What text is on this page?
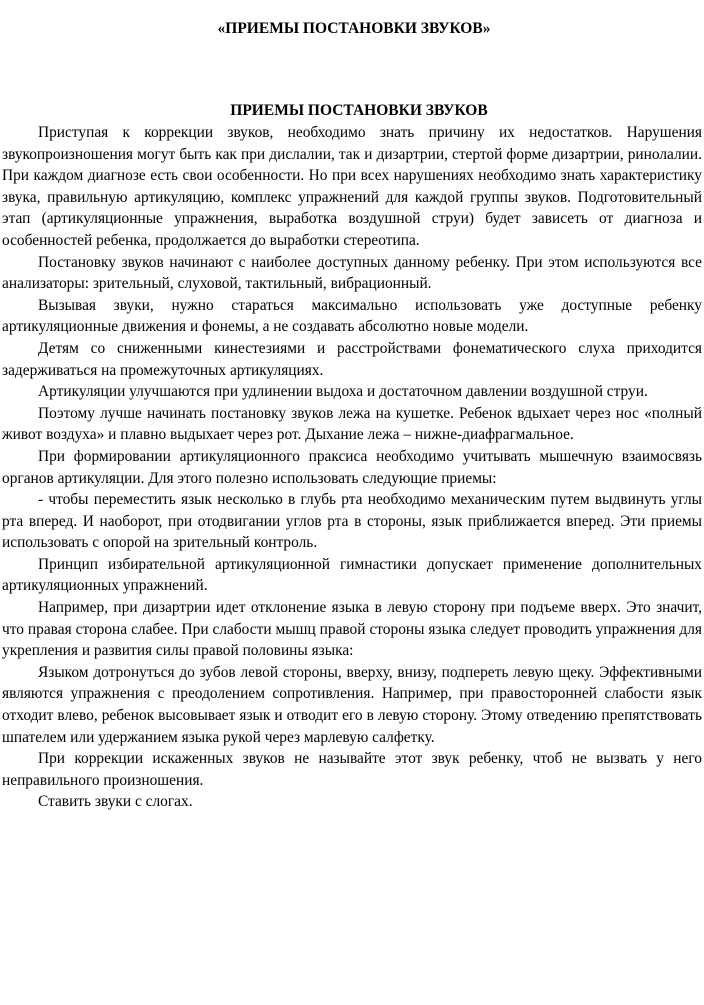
«ПРИЕМЫ ПОСТАНОВКИ ЗВУКОВ»
ПРИЕМЫ ПОСТАНОВКИ ЗВУКОВ

Приступая к коррекции звуков, необходимо знать причину их недостатков. Нарушения звукопроизношения могут быть как при дислалии, так и дизартрии, стертой форме дизартрии, ринолалии. При каждом диагнозе есть свои особенности. Но при всех нарушениях необходимо знать характеристику звука, правильную артикуляцию, комплекс упражнений для каждой группы звуков. Подготовительный этап (артикуляционные упражнения, выработка воздушной струи) будет зависеть от диагноза и особенностей ребенка, продолжается до выработки стереотипа.

Постановку звуков начинают с наиболее доступных данному ребенку. При этом используются все анализаторы: зрительный, слуховой, тактильный, вибрационный.

Вызывая звуки, нужно стараться максимально использовать уже доступные ребенку артикуляционные движения и фонемы, а не создавать абсолютно новые модели.

Детям со сниженными кинестезиями и расстройствами фонематического слуха приходится задерживаться на промежуточных артикуляциях.

Артикуляции улучшаются при удлинении выдоха и достаточном давлении воздушной струи.

Поэтому лучше начинать постановку звуков лежа на кушетке. Ребенок вдыхает через нос «полный живот воздуха» и плавно выдыхает через рот. Дыхание лежа – нижне-диафрагмальное.

При формировании артикуляционного праксиса необходимо учитывать мышечную взаимосвязь органов артикуляции. Для этого полезно использовать следующие приемы:

- чтобы переместить язык несколько в глубь рта необходимо механическим путем выдвинуть углы рта вперед. И наоборот, при отодвигании углов рта в стороны, язык приближается вперед. Эти приемы использовать с опорой на зрительный контроль.

Принцип избирательной артикуляционной гимнастики допускает применение дополнительных артикуляционных упражнений.

Например, при дизартрии идет отклонение языка в левую сторону при подъеме вверх. Это значит, что правая сторона слабее. При слабости мышц правой стороны языка следует проводить упражнения для укрепления и развития силы правой половины языка:

Языком дотронуться до зубов левой стороны, вверху, внизу, подпереть левую щеку. Эффективными являются упражнения с преодолением сопротивления. Например, при правосторонней слабости язык отходит влево, ребенок высовывает язык и отводит его в левую сторону. Этому отведению препятствовать шпателем или удержанием языка рукой через марлевую салфетку.

При коррекции искаженных звуков не называйте этот звук ребенку, чтоб не вызвать у него неправильного произношения.

Ставить звуки с слогах.
